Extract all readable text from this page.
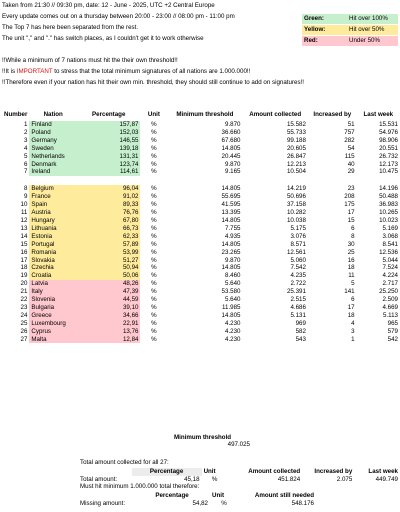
Taken from 21:30 // 09:30 pm, date: 12 - June - 2025, UTC +2 Central Europe
Every update comes out on a thursday between 20:00 - 23:00 // 08:00 pm - 11:00 pm
The Top 7 has here been separated from the rest.
The unit "," and "." has switch places, as I couldn't get it to work otherwise
Green:	Hit over 100%
Yellow:	Hit over 50%
Red:	Under 50%
!!While a minimum of 7 nations must hit the their own threshold!!
!!It is IMPORTANT to stress that the total minimum signatures of all nations are 1.000.000!!
!!Therefore even if your nation has hit their own min. threshold, they should still continue to add on signatures!!
Number	Nation	Percentage	Unit	Minimum threshold	Amount collected	Increased by	Last week
1	Finland	157,87	%	9.870	15.582	51	15.531
2	Poland	152,03	%	36.660	55.733	757	54.976
3	Germany	146,55	%	67.680	99.188	282	98.906
4	Sweden	139,18	%	14.805	20.605	54	20.551
5	Netherlands	131,31	%	20.445	26.847	115	26.732
6	Denmark	123,74	%	9.870	12.213	40	12.173
7	Ireland	114,61	%	9.165	10.504	29	10.475

8	Belgium	96,04	%	14.805	14.219	23	14.196
9	France	91,02	%	55.695	50.696	208	50.488
10	Spain	89,33	%	41.595	37.158	175	36.983
11	Austria	76,76	%	13.395	10.282	17	10.265
12	Hungary	67,80	%	14.805	10.038	15	10.023
13	Lithuania	66,73	%	7.755	5.175	6	5.169
14	Estonia	62,33	%	4.935	3.076	8	3.068
15	Portugal	57,89	%	14.805	8.571	30	8.541
16	Romania	53,99	%	23.265	12.561	25	12.536
17	Slovakia	51,27	%	9.870	5.060	16	5.044
18	Czechia	50,94	%	14.805	7.542	18	7.524
19	Croatia	50,06	%	8.460	4.235	11	4.224
20	Latvia	48,26	%	5.640	2.722	5	2.717
21	Italy	47,39	%	53.580	25.391	141	25.250
22	Slovenia	44,59	%	5.640	2.515	6	2.509
23	Bulgaria	39,10	%	11.985	4.686	17	4.669
24	Greece	34,66	%	14.805	5.131	18	5.113
25	Luxembourg	22,91	%	4.230	969	4	965
26	Cyprus	13,76	%	4.230	582	3	579
27	Malta	12,84	%	4.230	543	1	542
Minimum threshold
497.025
Total amount collected for all 27:
	Percentage	Unit	Amount collected	Increased by	Last week
Total amount:	45,18	%	451.824	2.075	449.749
Must hit minimum 1.000.000 total therefore:
	Percentage	Unit	Amount still needed
Missing amount:	54,82	%	548.176
